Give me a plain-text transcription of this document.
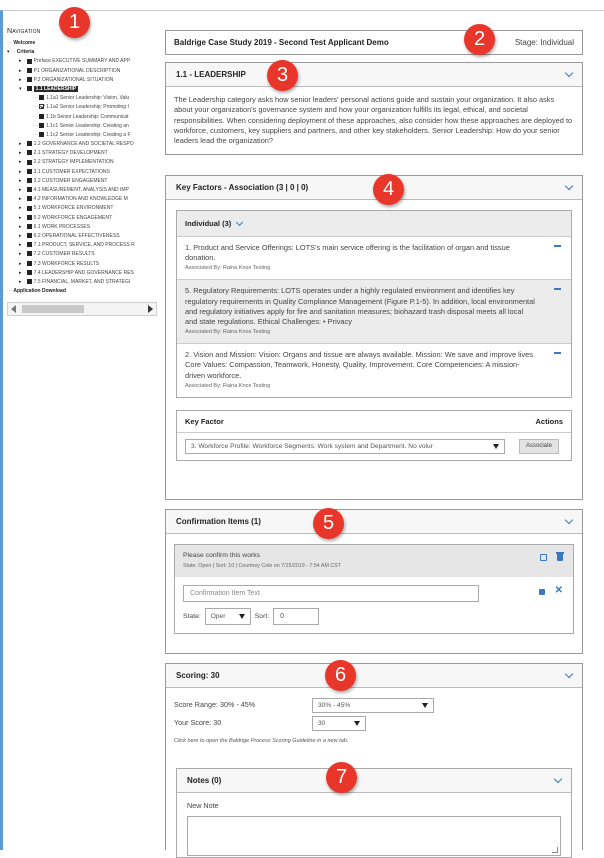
Navigation
··· Welcome
▾ ·· Criteria
▸ · Preface EXECUTIVE SUMMARY AND APP
▸ · P1 ORGANIZATIONAL DESCRIPTION
▸ · P.2 ORGANIZATIONAL SITUATION
▾ · 1.1 LEADERSHIP
··· 1.1a1 Senior Leadership: Vision, Valu
··· 1.1a2 Senior Leadership: Promoting I
··· 1.1b Senior Leadership: Communicat
··· 1.1c1 Senior Leadership: Creating an
··· 1.1c2 Senior Leadership: Creating a F
▸ · 1.2 GOVERNANCE AND SOCIETAL RESPO
▸ · 2.1 STRATEGY DEVELOPMENT
▸ · 2.2 STRATEGY IMPLEMENTATION
▸ · 3.1 CUSTOMER EXPECTATIONS
▸ · 3.2 CUSTOMER ENGAGEMENT
▸ · 4.1 MEASUREMENT, ANALYSIS AND IMP
▸ · 4.2 INFORMATION AND KNOWLEDGE M
▸ · 5.1 WORKFORCE ENVIRONMENT
▸ · 5.2 WORKFORCE ENGAGEMENT
▸ · 6.1 WORK PROCESSES
▸ · 6.2 OPERATIONAL EFFECTIVENESS
▸ · 7.1 PRODUCT, SERVICE, AND PROCESS R
▸ · 7.2 CUSTOMER RESULTS
▸ · 7.3 WORKFORCE RESULTS
▸ · 7.4 LEADERSHIP AND GOVERNANCE RES
▸ · 7.5 FINANCIAL, MARKET, AND STRATEGI
··· Application Download
Baldrige Case Study 2019 - Second Test Applicant Demo	Stage: Individual
1.1 - LEADERSHIP
The Leadership category asks how senior leaders' personal actions guide and sustain your organization. It also asks about your organization's governance system and how your organization fulfills its legal, ethical, and societal responsibilities. When considering deployment of these approaches, also consider how these approaches are deployed to workforce, customers, key suppliers and partners, and other key stakeholders. Senior Leadership: How do your senior leaders lead the organization?
Key Factors - Association (3 | 0 | 0)
Individual (3)

1. Product and Service Offerings: LOTS's main service offering is the facilitation of organ and tissue donation.

Associated By: Raina Knox Testing

5. Regulatory Requirements: LOTS operates under a highly regulated environment and identifies key regulatory requirements in Quality Compliance Management (Figure P.1-5). In addition, local environmental and regulatory initiatives apply for fire and sanitation measures; biohazard trash disposal meets all local and state regulations. Ethical Challenges: • Privacy

Associated By: Raina Knox Testing

2. Vision and Mission: Vision: Organs and tissue are always available. Mission: We save and improve lives. Core Values: Compassion, Teamwork, Honesty, Quality, Improvement. Core Competencies: A mission-driven workforce.

Associated By: Raina Knox Testing
Key Factor	Actions
3. Workforce Profile: Workforce Segments: Work system and Department. No volur	Associate
Confirmation Items (1)
Please confirm this works
State: Open | Sort: 10 | Courtney Cole on 7/15/2019 - 7:54 AM CST
Confirmation Item Text	✕
State: Oper	Sort:	0
Scoring: 30
Score Range: 30% - 45%	30% - 45%
Your Score: 30	30
Click here to open the Baldrige Process Scoring Guideline in a new tab.
Notes (0)
New Note
1
2
3
4
5
6
7
